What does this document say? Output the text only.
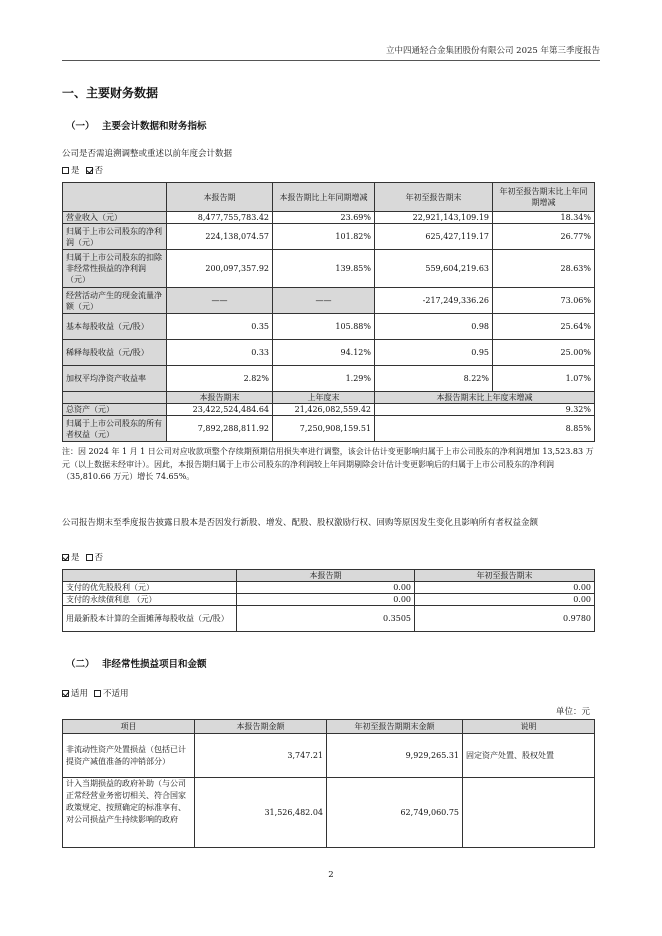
立中四通轻合金集团股份有限公司 2025 年第三季度报告
一、主要财务数据
（一） 主要会计数据和财务指标
公司是否需追溯调整或重述以前年度会计数据
是 否
	本报告期	本报告期比上年同期增减	年初至报告期末	年初至报告期末比上年同期增减
营业收入（元）	8,477,755,783.42	23.69%	22,921,143,109.19	18.34%
归属于上市公司股东的净利润（元）	224,138,074.57	101.82%	625,427,119.17	26.77%
归属于上市公司股东的扣除非经常性损益的净利润（元）	200,097,357.92	139.85%	559,604,219.63	28.63%
经营活动产生的现金流量净额（元）	——	——	-217,249,336.26	73.06%
基本每股收益（元/股）	0.35	105.88%	0.98	25.64%
稀释每股收益（元/股）	0.33	94.12%	0.95	25.00%
加权平均净资产收益率	2.82%	1.29%	8.22%	1.07%
	本报告期末	上年度末	本报告期末比上年度末增减	
总资产（元）	23,422,524,484.64	21,426,082,559.42	9.32%	
归属于上市公司股东的所有者权益（元）	7,892,288,811.92	7,250,908,159.51	8.85%	
注：因 2024 年 1 月 1 日公司对应收款项整个存续期预期信用损失率进行调整，该会计估计变更影响归属于上市公司股东的净利润增加 13,523.83 万元（以上数据未经审计）。因此，本报告期归属于上市公司股东的净利润较上年同期剔除会计估计变更影响后的归属于上市公司股东的净利润（35,810.66 万元）增长 74.65%。
公司报告期末至季度报告披露日股本是否因发行新股、增发、配股、股权激励行权、回购等原因发生变化且影响所有者权益金额
是 否
	本报告期	年初至报告期末
支付的优先股股利（元）	0.00	0.00
支付的永续债利息 （元）	0.00	0.00
用最新股本计算的全面摊薄每股收益（元/股）	0.3505	0.9780
（二） 非经常性损益项目和金额
适用 不适用
单位：元
项目	本报告期金额	年初至报告期期末金额	说明
非流动性资产处置损益（包括已计提资产减值准备的冲销部分）	3,747.21	9,929,265.31	固定资产处置、股权处置
计入当期损益的政府补助（与公司正常经营业务密切相关、符合国家政策规定、按照确定的标准享有、对公司损益产生持续影响的政府	31,526,482.04	62,749,060.75	
2
